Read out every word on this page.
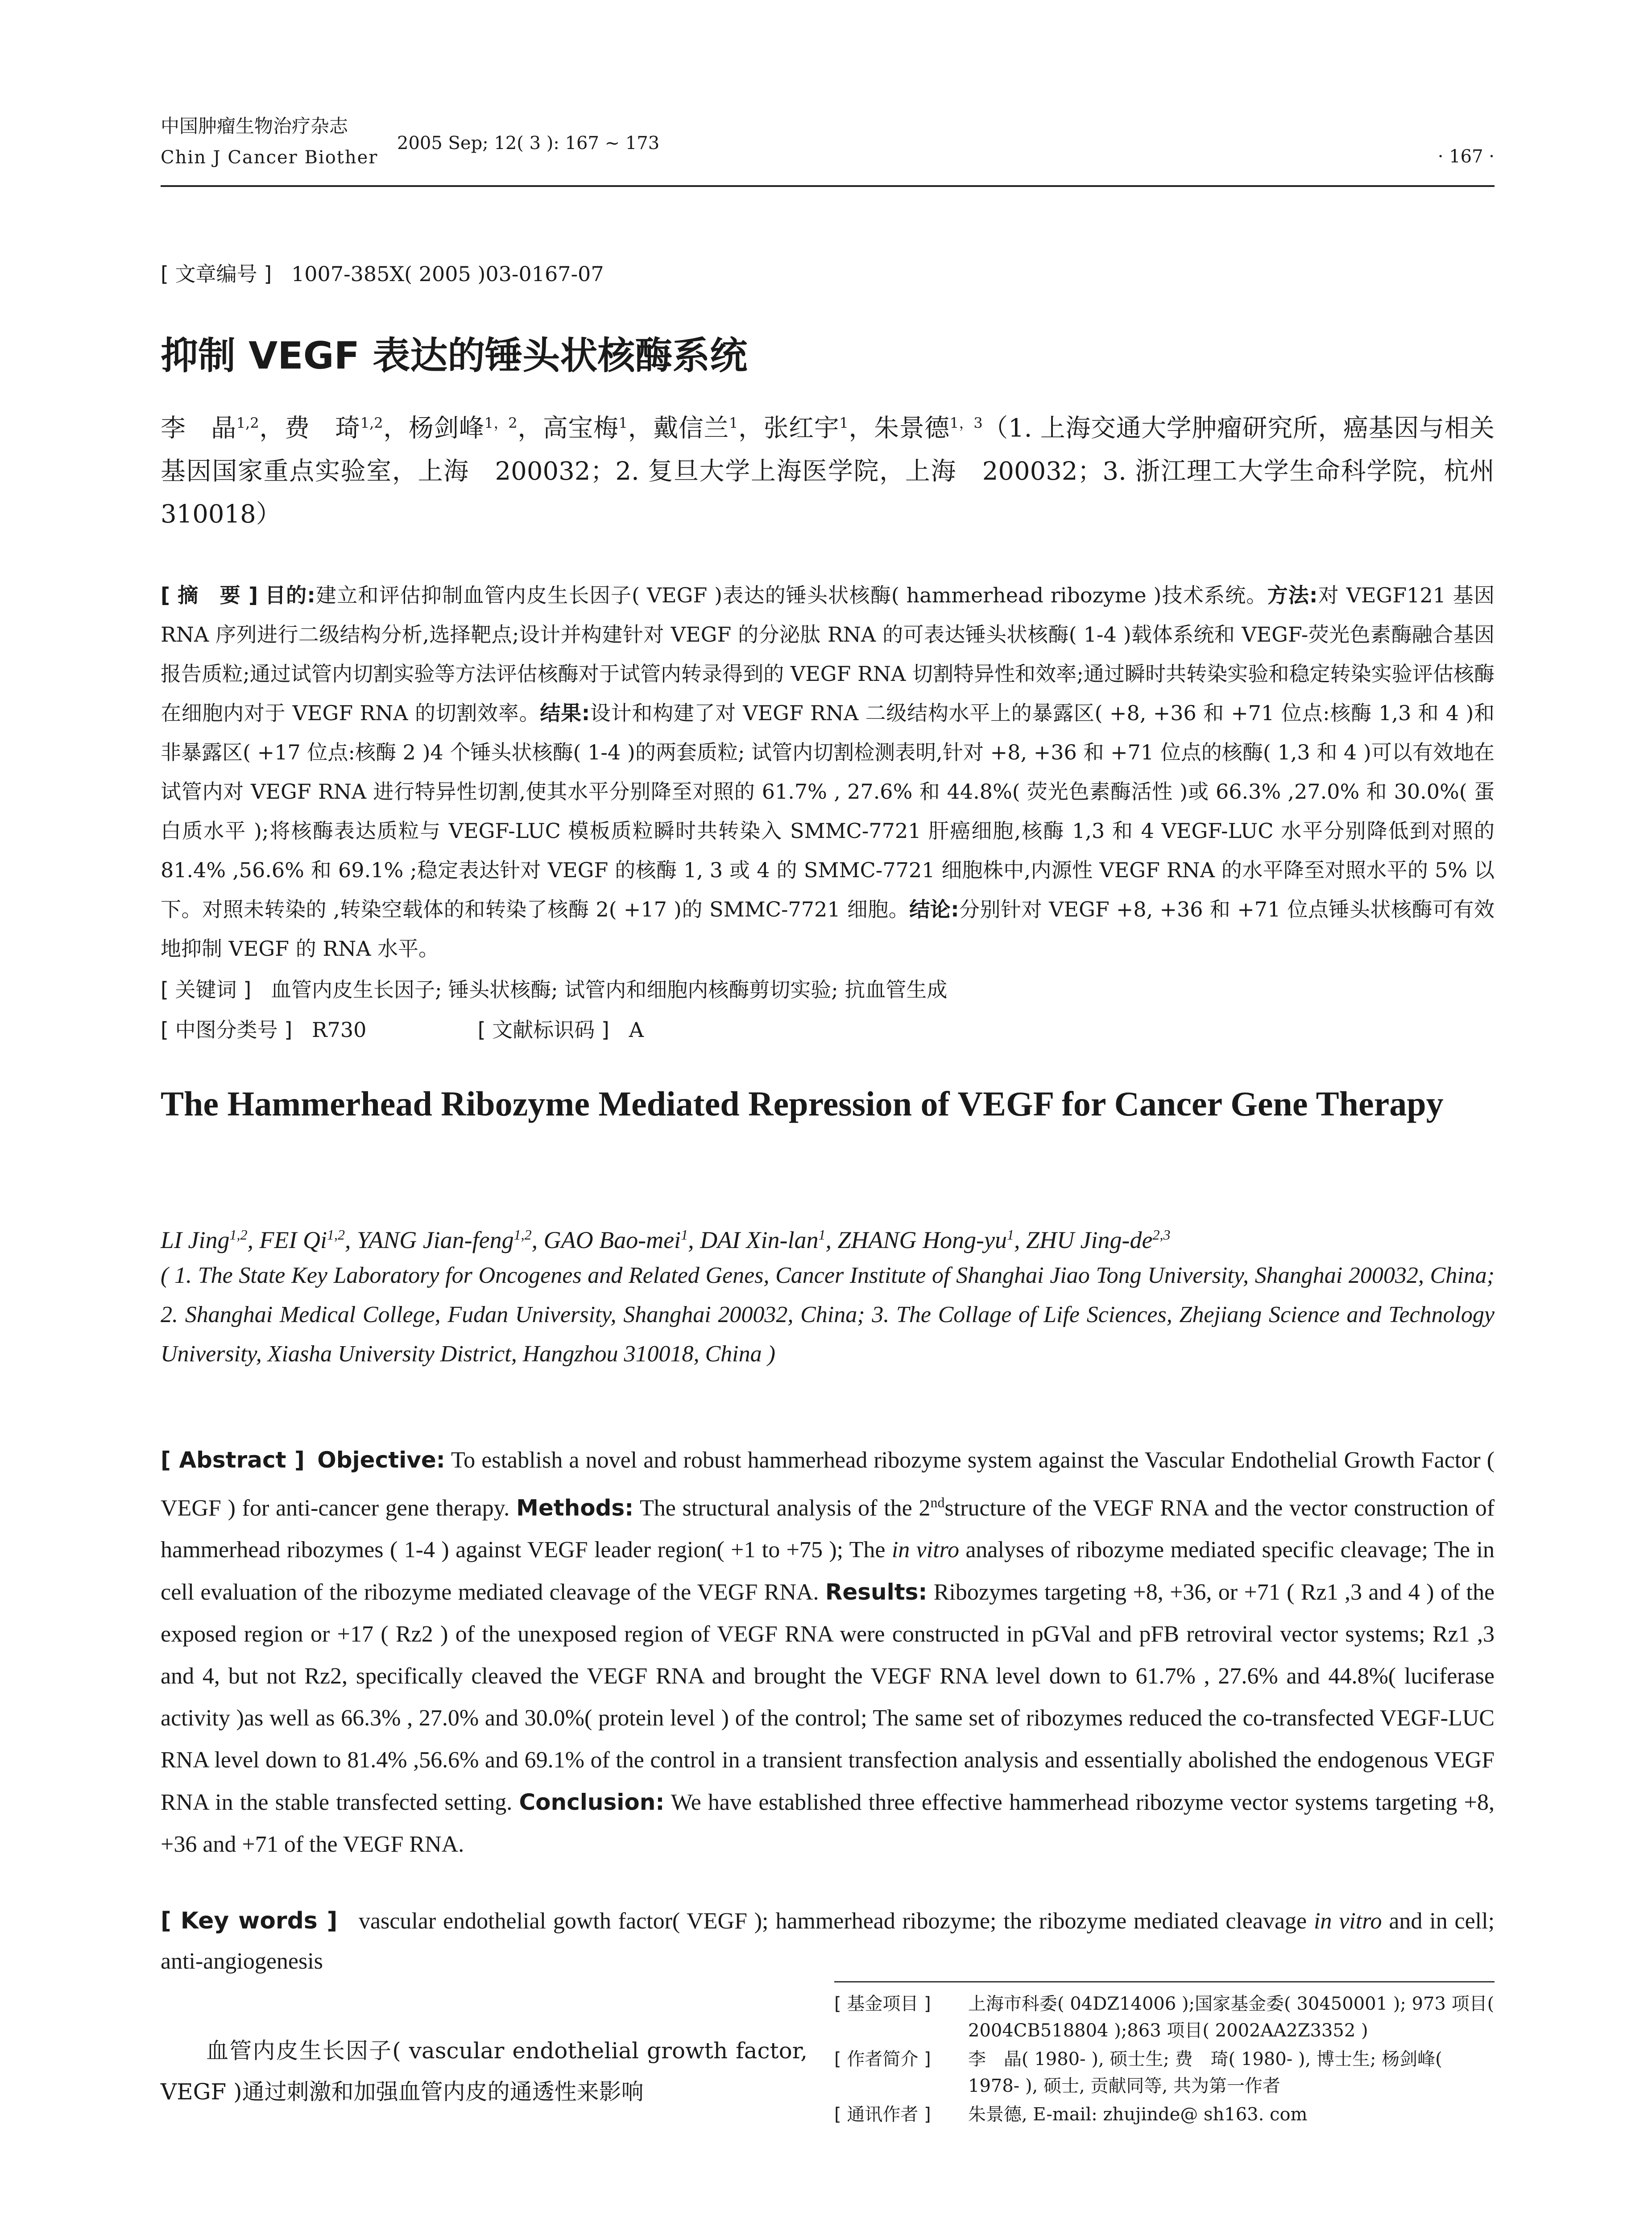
中国肿瘤生物治疗杂志
Chin J Cancer Biother
2005 Sep; 12( 3 ): 167 ~ 173
· 167 ·
[ 文章编号 ] 1007-385X( 2005 )03-0167-07
抑制 VEGF 表达的锤头状核酶系统
李　晶$^{1,2}$，费　琦$^{1,2}$，杨剑峰$^{1,2}$，高宝梅$^1$，戴信兰$^1$，张红宇$^1$，朱景德$^{1,3}$（1. 上海交通大学肿瘤研究所，癌基因与相关基因国家重点实验室，上海　200032；2. 复旦大学上海医学院，上海　200032；3. 浙江理工大学生命科学院，杭州　310018）
[ 摘　要 ] 目的:建立和评估抑制血管内皮生长因子( VEGF )表达的锤头状核酶( hammerhead ribozyme )技术系统。方法:对 VEGF121 基因 RNA 序列进行二级结构分析,选择靶点;设计并构建针对 VEGF 的分泌肽 RNA 的可表达锤头状核酶( 1-4 )载体系统和 VEGF-荧光色素酶融合基因报告质粒;通过试管内切割实验等方法评估核酶对于试管内转录得到的 VEGF RNA 切割特异性和效率;通过瞬时共转染实验和稳定转染实验评估核酶在细胞内对于 VEGF RNA 的切割效率。结果:设计和构建了对 VEGF RNA 二级结构水平上的暴露区( +8, +36 和 +71 位点:核酶 1,3 和 4 )和非暴露区( +17 位点:核酶 2 )4 个锤头状核酶( 1-4 )的两套质粒; 试管内切割检测表明,针对 +8, +36 和 +71 位点的核酶( 1,3 和 4 )可以有效地在试管内对 VEGF RNA 进行特异性切割,使其水平分别降至对照的 61.7% , 27.6% 和 44.8%( 荧光色素酶活性 )或 66.3% ,27.0% 和 30.0%( 蛋白质水平 );将核酶表达质粒与 VEGF-LUC 模板质粒瞬时共转染入 SMMC-7721 肝癌细胞,核酶 1,3 和 4 VEGF-LUC 水平分别降低到对照的 81.4% ,56.6% 和 69.1% ;稳定表达针对 VEGF 的核酶 1, 3 或 4 的 SMMC-7721 细胞株中,内源性 VEGF RNA 的水平降至对照水平的 5% 以下。对照未转染的 ,转染空载体的和转染了核酶 2( +17 )的 SMMC-7721 细胞。结论:分别针对 VEGF +8, +36 和 +71 位点锤头状核酶可有效地抑制 VEGF 的 RNA 水平。
[ 关键词 ] 血管内皮生长因子; 锤头状核酶; 试管内和细胞内核酶剪切实验; 抗血管生成
[ 中图分类号 ] R730	[ 文献标识码 ] A
The Hammerhead Ribozyme Mediated Repression of VEGF for Cancer Gene Therapy
LI Jing$^{1,2}$, FEI Qi$^{1,2}$, YANG Jian-feng$^{1,2}$, GAO Bao-mei$^1$, DAI Xin-lan$^1$, ZHANG Hong-$yu^1$, ZHU Jing-de$^{2,3}$
( 1. The State Key Laboratory for Oncogenes and Related Genes, Cancer Institute of Shanghai Jiao Tong University, Shanghai 200032, China; 2. Shanghai Medical College, Fudan University, Shanghai 200032, China; 3. The Collage of Life Sciences, Zhejiang Science and Technology University, Xiasha University District, Hangzhou 310018, China )
[ Abstract ] Objective: To establish a novel and robust hammerhead ribozyme system against the Vascular Endothelial Growth Factor ( VEGF ) for anti-cancer gene therapy. Methods: The structural analysis of the 2ndstructure of the VEGF RNA and the vector construction of hammerhead ribozymes ( 1-4 ) against VEGF leader region( +1 to +75 ); The in vitro analyses of ribozyme mediated specific cleavage; The in cell evaluation of the ribozyme mediated cleavage of the VEGF RNA. Results: Ribozymes targeting +8, +36, or +71 ( Rz1 ,3 and 4 ) of the exposed region or +17 ( Rz2 ) of the unexposed region of VEGF RNA were constructed in pGVal and pFB retroviral vector systems; Rz1 ,3 and 4, but not Rz2, specifically cleaved the VEGF RNA and brought the VEGF RNA level down to 61.7% , 27.6% and 44.8%( luciferase activity )as well as 66.3% , 27.0% and 30.0%( protein level ) of the control; The same set of ribozymes reduced the co-transfected VEGF-LUC RNA level down to 81.4% ,56.6% and 69.1% of the control in a transient transfection analysis and essentially abolished the endogenous VEGF RNA in the stable transfected setting. Conclusion: We have established three effective hammerhead ribozyme vector systems targeting +8, +36 and +71 of the VEGF RNA.
[ Key words ] vascular endothelial gowth factor( VEGF ); hammerhead ribozyme; the ribozyme mediated cleavage in vitro and in cell; anti-angiogenesis
血管内皮生长因子( vascular endothelial growth factor, VEGF )通过刺激和加强血管内皮的通透性来影响
[ 基金项目 ]	上海市科委( 04DZ14006 );国家基金委( 30450001 ); 973 项目( 2004CB518804 );863 项目( 2002AA2Z3352 )
[ 作者简介 ]	李　晶( 1980- ), 硕士生; 费　琦( 1980- ), 博士生; 杨剑峰( 1978- ), 硕士, 贡献同等, 共为第一作者
[ 通讯作者 ]	朱景德, E-mail: zhujinde@ sh163. com
